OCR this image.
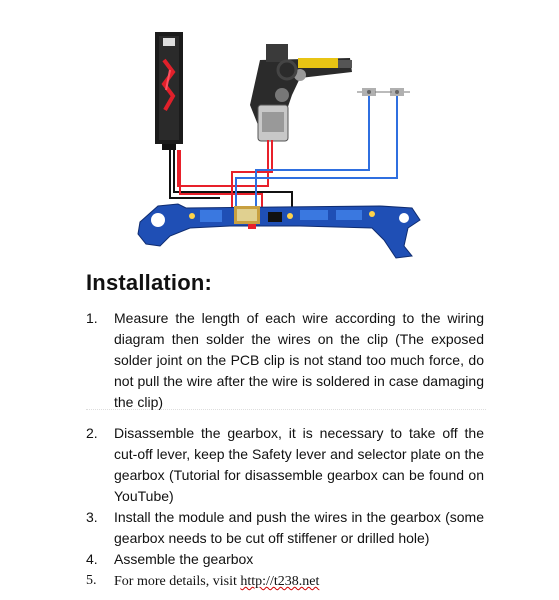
Installation:
1. Measure the length of each wire according to the wiring diagram then solder the wires on the clip (The exposed solder joint on the PCB clip is not stand too much force, do not pull the wire after the wire is soldered in case damaging the clip)
2. Disassemble the gearbox, it is necessary to take off the cut-off lever, keep the Safety lever and selector plate on the gearbox (Tutorial for disassemble gearbox can be found on YouTube)
3. Install the module and push the wires in the gearbox (some gearbox needs to be cut off stiffener or drilled hole)
4. Assemble the gearbox
5. For more details, visit http://t238.net
